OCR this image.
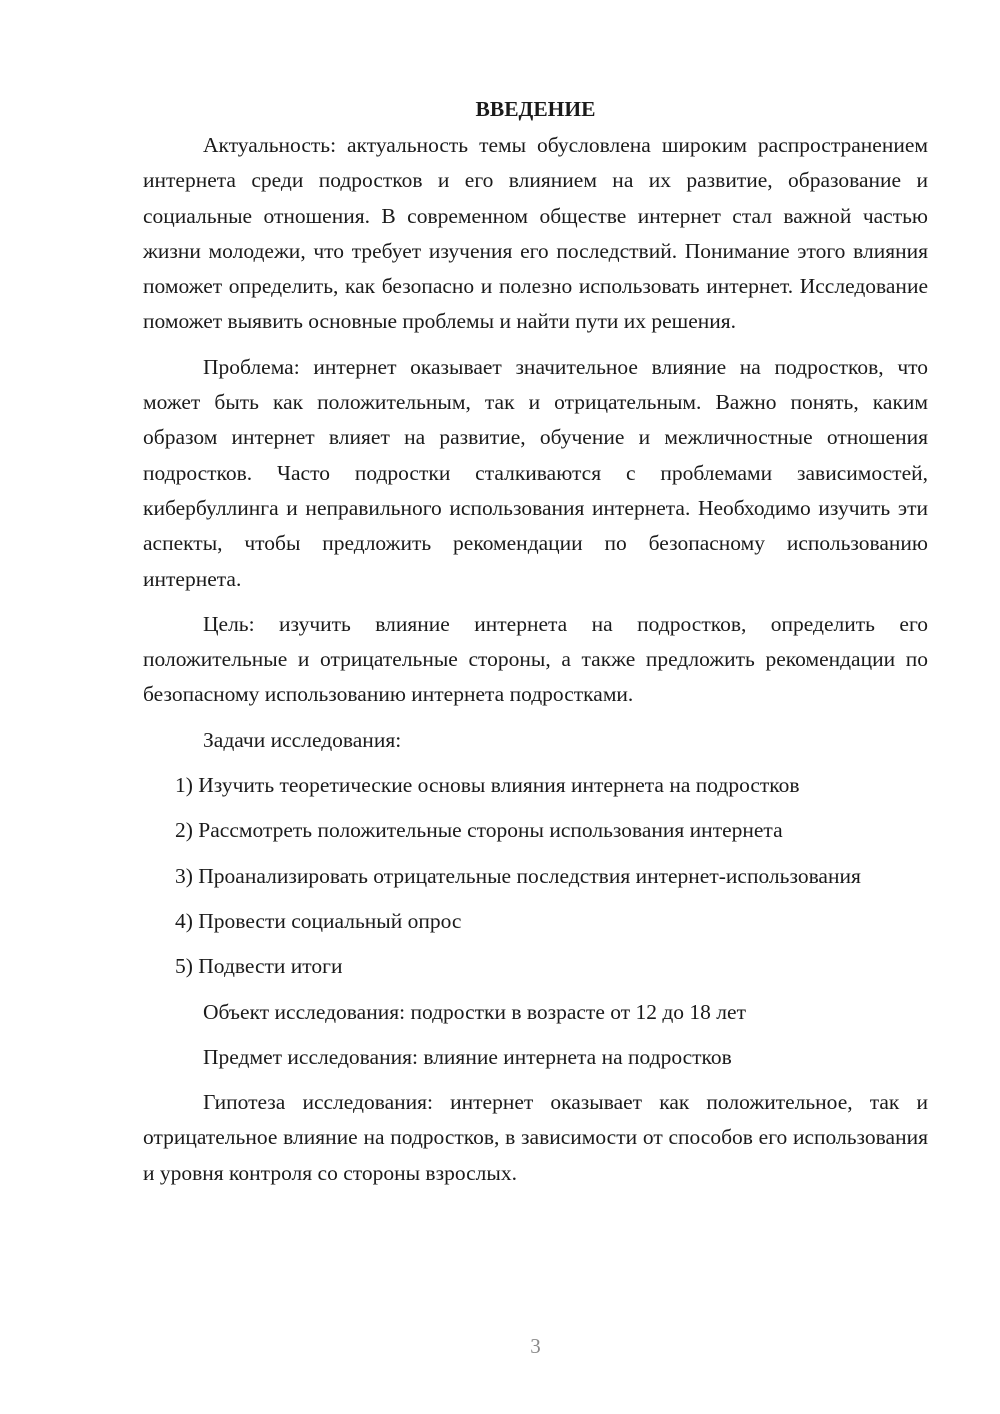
ВВЕДЕНИЕ

Актуальность: актуальность темы обусловлена широким распространением интернета среди подростков и его влиянием на их развитие, образование и социальные отношения. В современном обществе интернет стал важной частью жизни молодежи, что требует изучения его последствий. Понимание этого влияния поможет определить, как безопасно и полезно использовать интернет. Исследование поможет выявить основные проблемы и найти пути их решения.

Проблема: интернет оказывает значительное влияние на подростков, что может быть как положительным, так и отрицательным. Важно понять, каким образом интернет влияет на развитие, обучение и межличностные отношения подростков. Часто подростки сталкиваются с проблемами зависимостей, кибербуллинга и неправильного использования интернета. Необходимо изучить эти аспекты, чтобы предложить рекомендации по безопасному использованию интернета.

Цель: изучить влияние интернета на подростков, определить его положительные и отрицательные стороны, а также предложить рекомендации по безопасному использованию интернета подростками.

Задачи исследования:

1) Изучить теоретические основы влияния интернета на подростков

2) Рассмотреть положительные стороны использования интернета

3) Проанализировать отрицательные последствия интернет-использования

4) Провести социальный опрос

5) Подвести итоги

Объект исследования: подростки в возрасте от 12 до 18 лет

Предмет исследования: влияние интернета на подростков

Гипотеза исследования: интернет оказывает как положительное, так и отрицательное влияние на подростков, в зависимости от способов его использования и уровня контроля со стороны взрослых.

3
